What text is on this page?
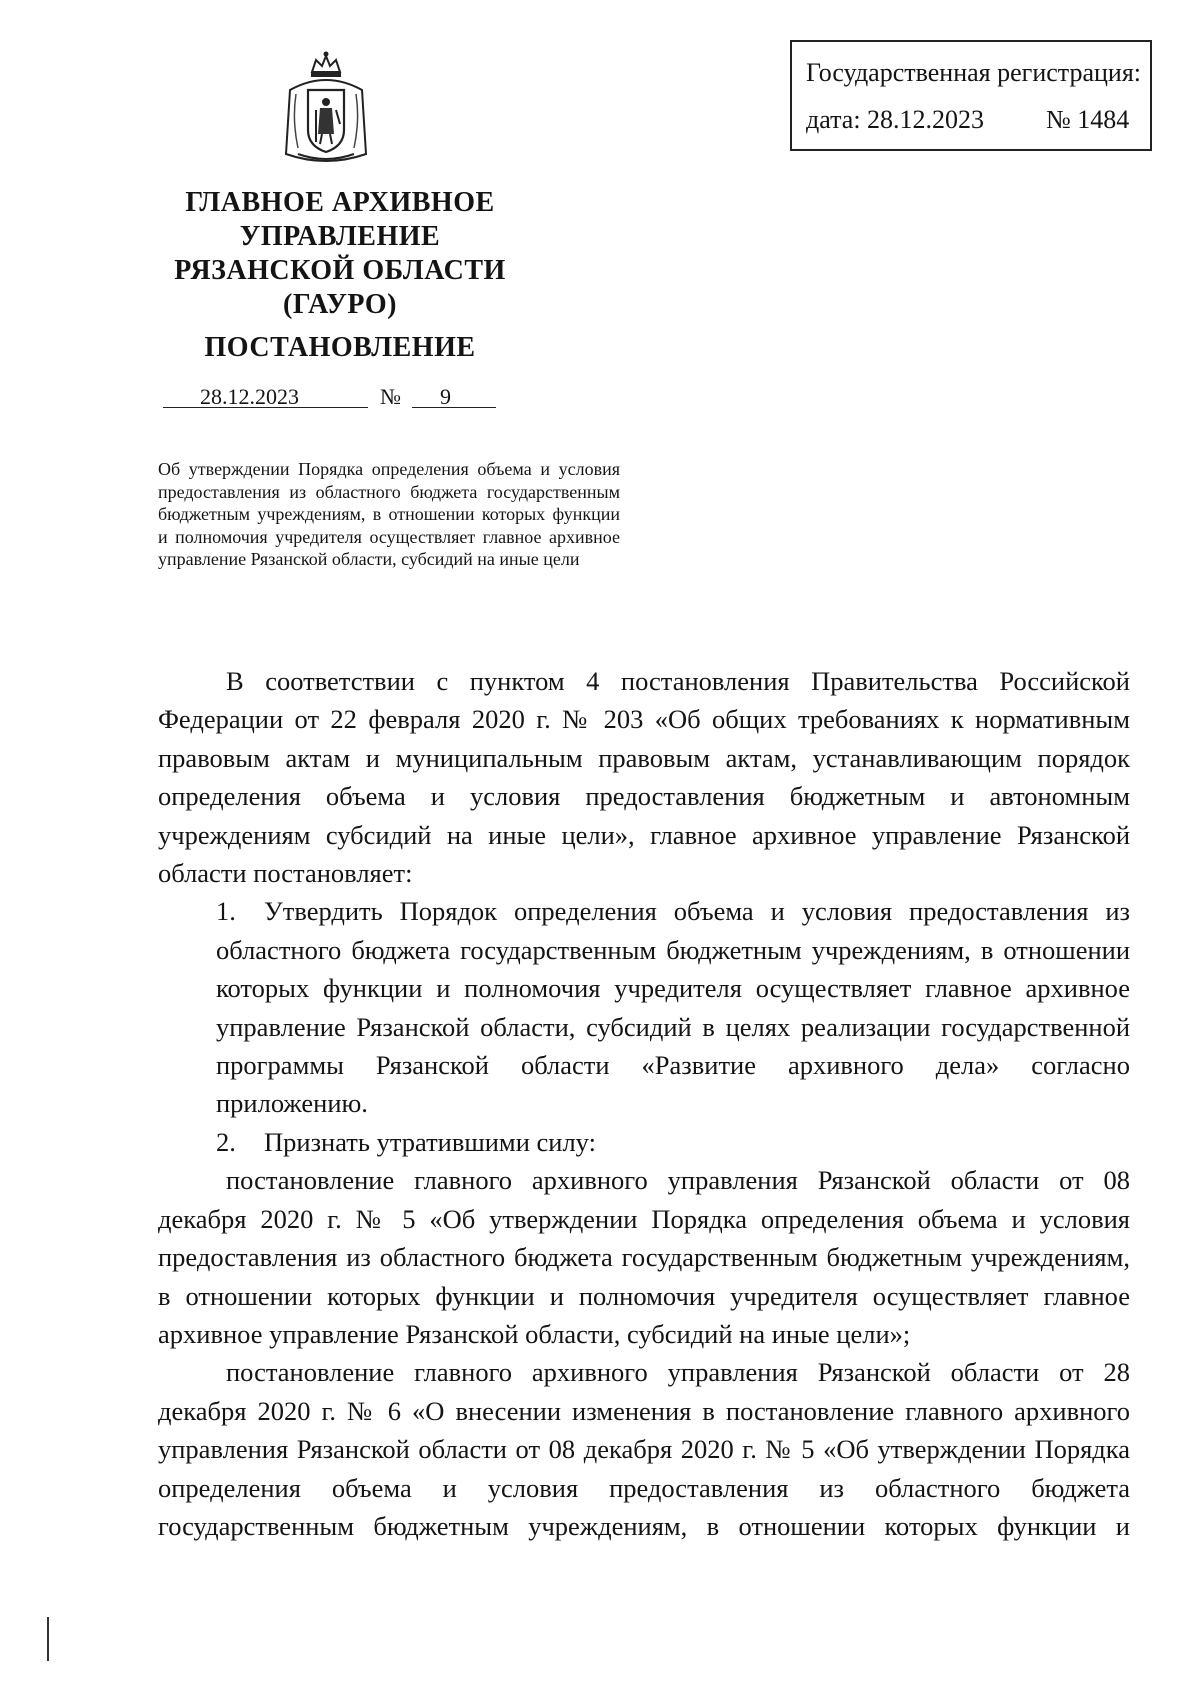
Государственная регистрация:
дата: 28.12.2023 № 1484
ГЛАВНОЕ АРХИВНОЕ
УПРАВЛЕНИЕ
РЯЗАНСКОЙ ОБЛАСТИ
(ГАУРО)
ПОСТАНОВЛЕНИЕ
28.12.2023	№ 9
Об утверждении Порядка определения объема и условия предоставления из областного бюджета государственным бюджетным учреждениям, в отношении которых функции и полномочия учредителя осуществляет главное архивное управление Рязанской области, субсидий на иные цели

В соответствии с пунктом 4 постановления Правительства Российской Федерации от 22 февраля 2020 г. № 203 «Об общих требованиях к нормативным правовым актам и муниципальным правовым актам, устанавливающим порядок определения объема и условия предоставления бюджетным и автономным учреждениям субсидий на иные цели», главное архивное управление Рязанской области постановляет:

1. Утвердить Порядок определения объема и условия предоставления из областного бюджета государственным бюджетным учреждениям, в отношении которых функции и полномочия учредителя осуществляет главное архивное управление Рязанской области, субсидий в целях реализации государственной программы Рязанской области «Развитие архивного дела» согласно приложению.

2. Признать утратившими силу:

постановление главного архивного управления Рязанской области от 08 декабря 2020 г. № 5 «Об утверждении Порядка определения объема и условия предоставления из областного бюджета государственным бюджетным учреждениям, в отношении которых функции и полномочия учредителя осуществляет главное архивное управление Рязанской области, субсидий на иные цели»;

постановление главного архивного управления Рязанской области от 28 декабря 2020 г. № 6 «О внесении изменения в постановление главного архивного управления Рязанской области от 08 декабря 2020 г. № 5 «Об утверждении Порядка определения объема и условия предоставления из областного бюджета государственным бюджетным учреждениям, в отношении которых функции и
